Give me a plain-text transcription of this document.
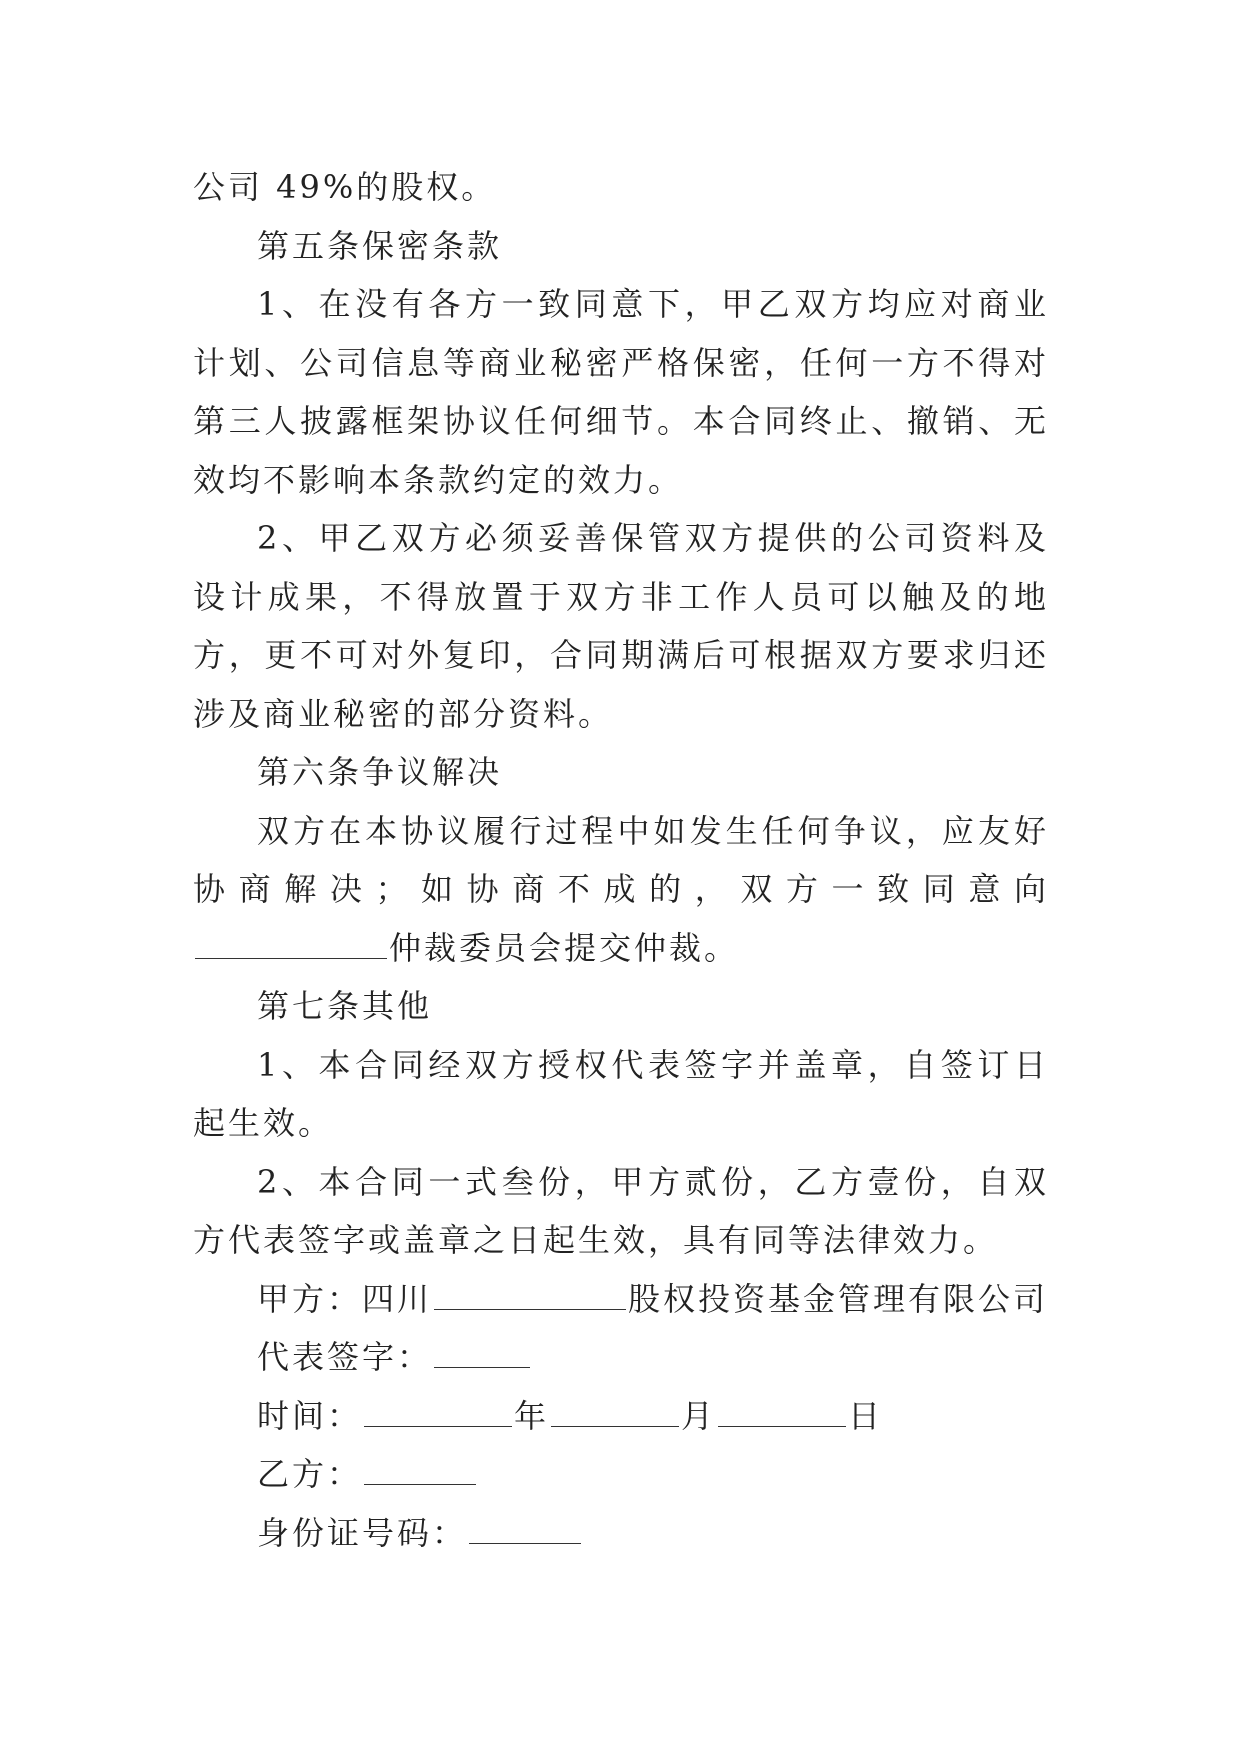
公司 49%的股权。

第五条保密条款

1、在没有各方一致同意下，甲乙双方均应对商业计划、公司信息等商业秘密严格保密，任何一方不得对第三人披露框架协议任何细节。本合同终止、撤销、无效均不影响本条款约定的效力。

2、甲乙双方必须妥善保管双方提供的公司资料及设计成果，不得放置于双方非工作人员可以触及的地方，更不可对外复印，合同期满后可根据双方要求归还涉及商业秘密的部分资料。

第六条争议解决

双方在本协议履行过程中如发生任何争议，应友好协商解决；如协商不成的，双方一致同意向仲裁委员会提交仲裁。

第七条其他

1、本合同经双方授权代表签字并盖章，自签订日起生效。

2、本合同一式叁份，甲方贰份，乙方壹份，自双方代表签字或盖章之日起生效，具有同等法律效力。

甲方：四川	股权投资基金管理有限公司

代表签字：

时间：	年	月	日

乙方：

身份证号码：
